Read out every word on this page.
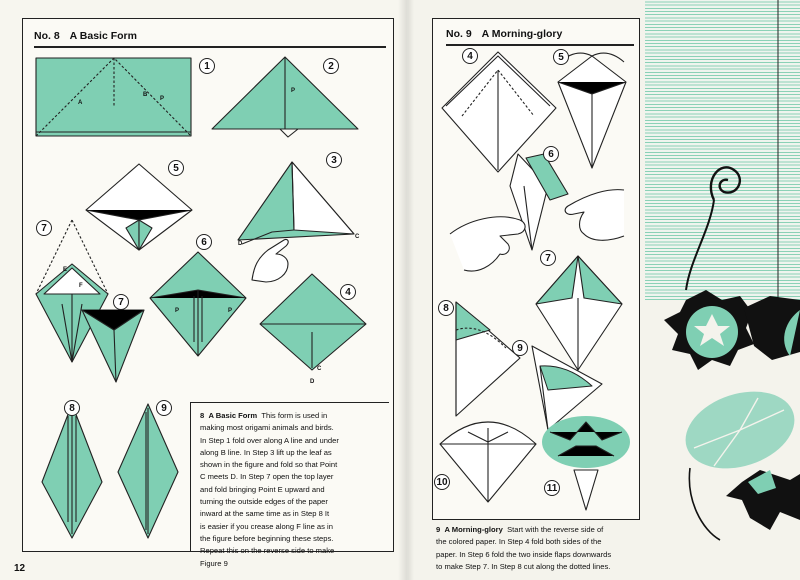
No. 8 A Basic Form
A
B
P
1
P
2
5
D
C
3
E
F
7
7
P	P
6
C
D
4
8	9
8 A Basic Form This form is used in
making most origami animals and birds.
In Step 1 fold over along A line and under
along B line. In Step 3 lift up the leaf as
shown in the figure and fold so that Point
C meets D. In Step 7 open the top layer
and fold bringing Point E upward and
turning the outside edges of the paper
inward at the same time as in Step 8 It
is easier if you crease along F line as in
the figure before beginning these steps.
Repeat this on the reverse side to make
Figure 9
12
No. 9 A Morning-glory
4	5
6
7
8
9
10
11
9 A Morning-glory Start with the reverse side of
the colored paper. In Step 4 fold both sides of the
paper. In Step 6 fold the two inside flaps downwards
to make Step 7. In Step 8 cut along the dotted lines.
